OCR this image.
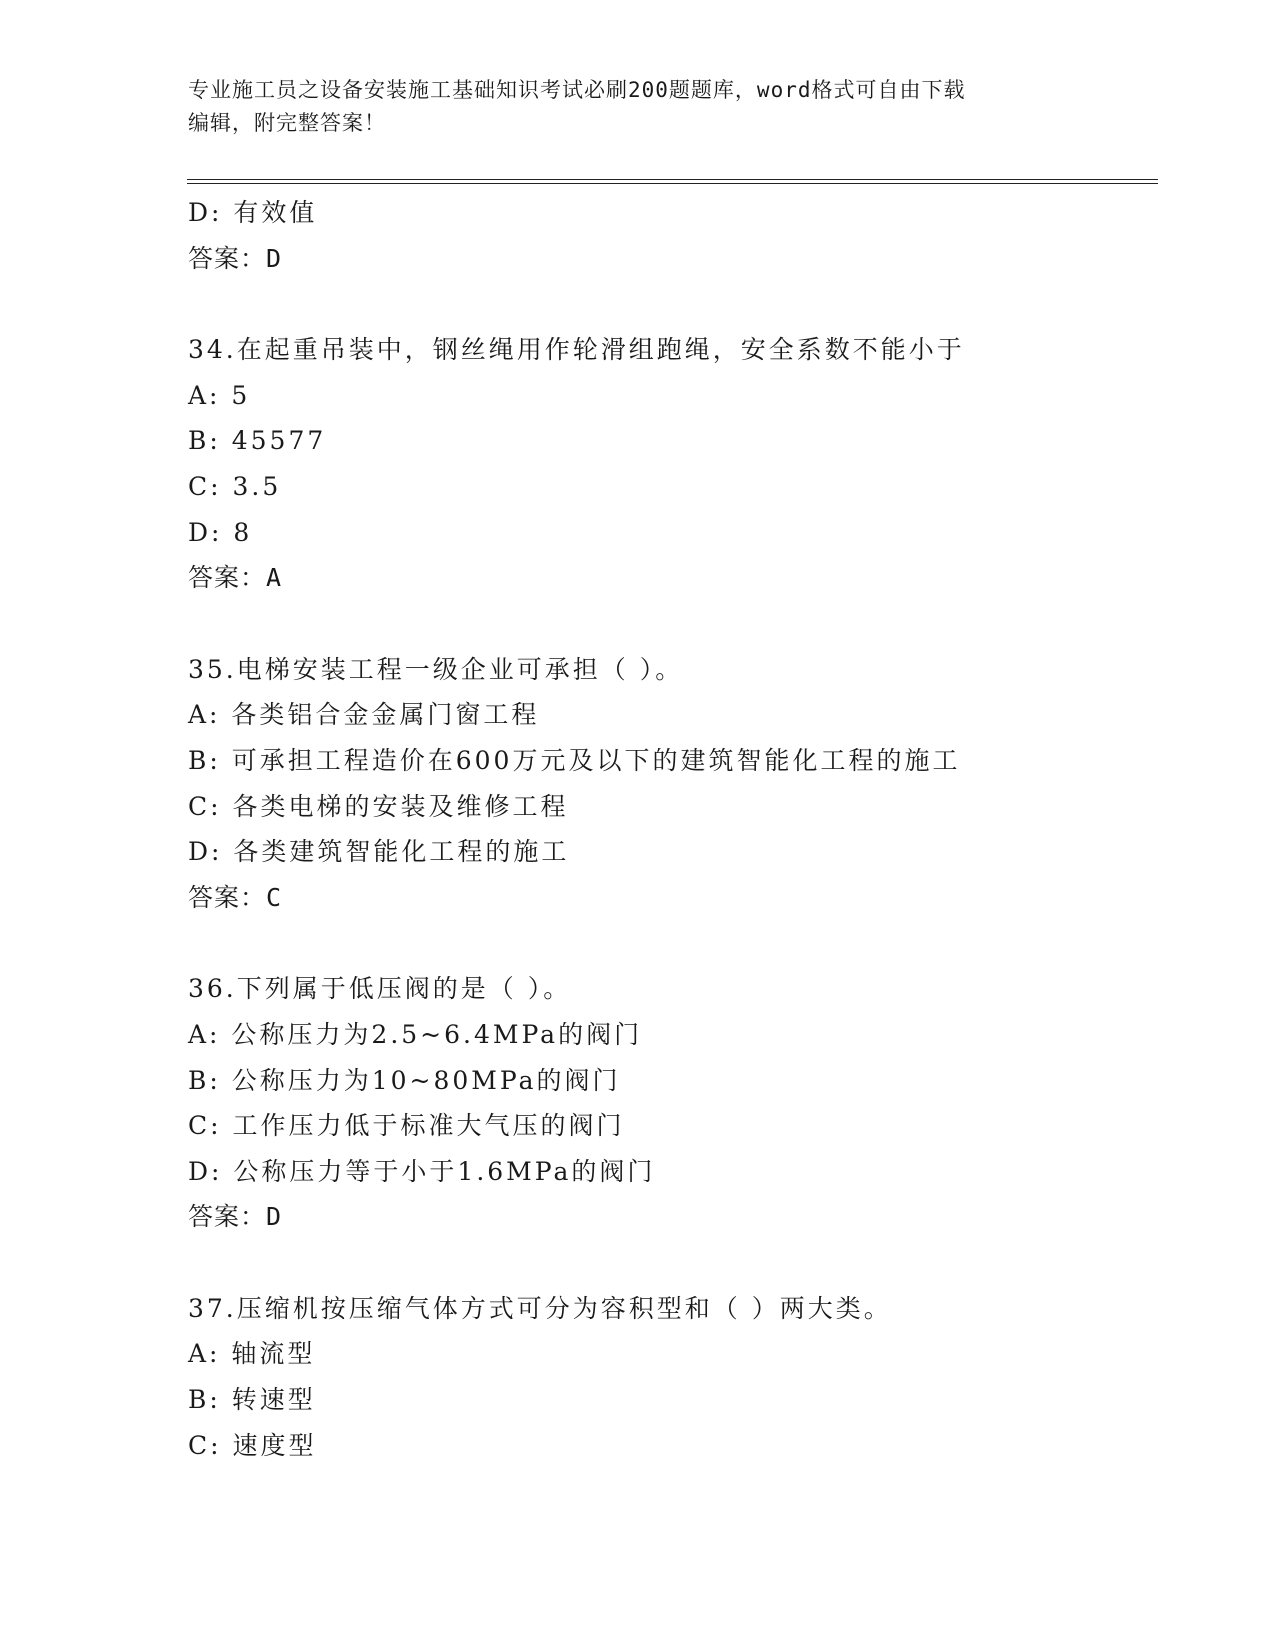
专业施工员之设备安装施工基础知识考试必刷200题题库，word格式可自由下载
编辑，附完整答案！
D: 有效值
答案：D
34.在起重吊装中，钢丝绳用作轮滑组跑绳，安全系数不能小于
A: 5
B: 45577
C: 3.5
D: 8
答案：A
35.电梯安装工程一级企业可承担（ ）。
A: 各类铝合金金属门窗工程
B: 可承担工程造价在600万元及以下的建筑智能化工程的施工
C: 各类电梯的安装及维修工程
D: 各类建筑智能化工程的施工
答案：C
36.下列属于低压阀的是（ ）。
A: 公称压力为2.5~6.4MPa的阀门
B: 公称压力为10~80MPa的阀门
C: 工作压力低于标准大气压的阀门
D: 公称压力等于小于1.6MPa的阀门
答案：D
37.压缩机按压缩气体方式可分为容积型和（ ）两大类。
A: 轴流型
B: 转速型
C: 速度型
